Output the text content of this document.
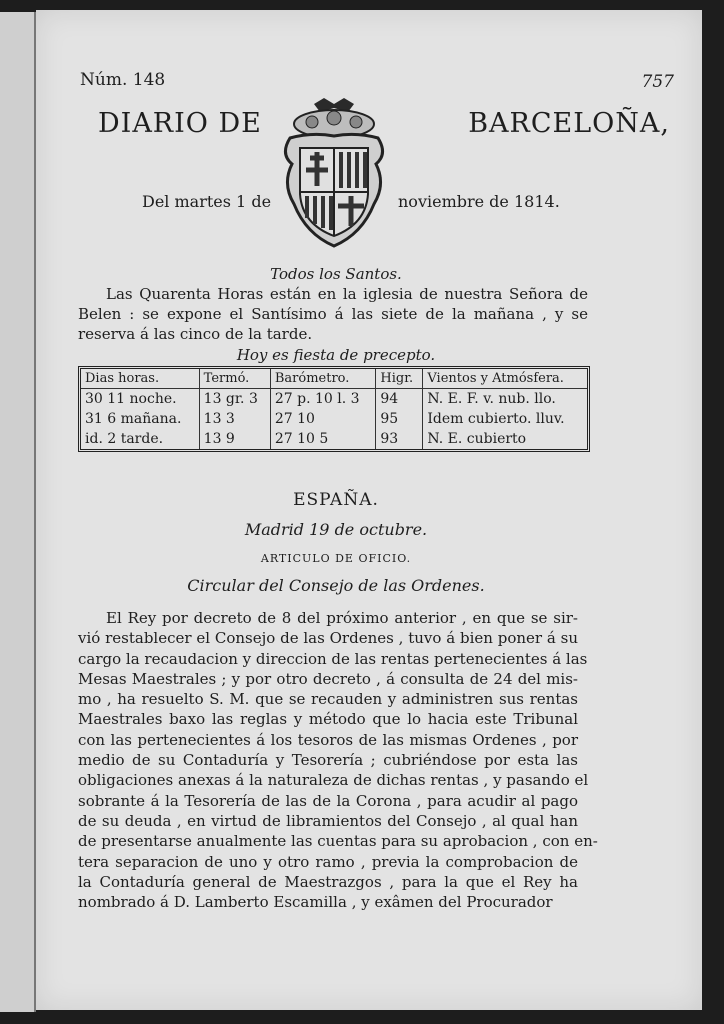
Núm. 148	757
DIARIO DE	BARCELOÑA,
Del martes 1 de	noviembre de 1814.
Todos los Santos.

Las Quarenta Horas están en la iglesia de nuestra Señora de Belen : se expone el Santísimo á las siete de la mañana , y se reserva á las cinco de la tarde.

Hoy es fiesta de precepto.
Dias horas.	Termó.	Barómetro.	Higr.	Vientos y Atmósfera.
30 11 noche.	13 gr. 3	27 p. 10 l. 3	94	N. E. F. v. nub. llo.
31 6 mañana.	13 3	27 10	95	Idem cubierto. lluv.
id. 2 tarde.	13 9	27 10 5	93	N. E. cubierto
ESPAÑA.
Madrid 19 de octubre.
ARTICULO DE OFICIO.
Circular del Consejo de las Ordenes.
El Rey por decreto de 8 del próximo anterior , en que se sir-
vió restablecer el Consejo de las Ordenes , tuvo á bien poner á su
cargo la recaudacion y direccion de las rentas pertenecientes á las
Mesas Maestrales ; y por otro decreto , á consulta de 24 del mis-
mo , ha resuelto S. M. que se recauden y administren sus rentas
Maestrales baxo las reglas y método que lo hacia este Tribunal
con las pertenecientes á los tesoros de las mismas Ordenes , por
medio de su Contaduría y Tesorería ; cubriéndose por esta las
obligaciones anexas á la naturaleza de dichas rentas , y pasando el
sobrante á la Tesorería de las de la Corona , para acudir al pago
de su deuda , en virtud de libramientos del Consejo , al qual han
de presentarse anualmente las cuentas para su aprobacion , con en-
tera separacion de uno y otro ramo , previa la comprobacion de
la Contaduría general de Maestrazgos , para la que el Rey ha
nombrado á D. Lamberto Escamilla , y exâmen del Procurador
